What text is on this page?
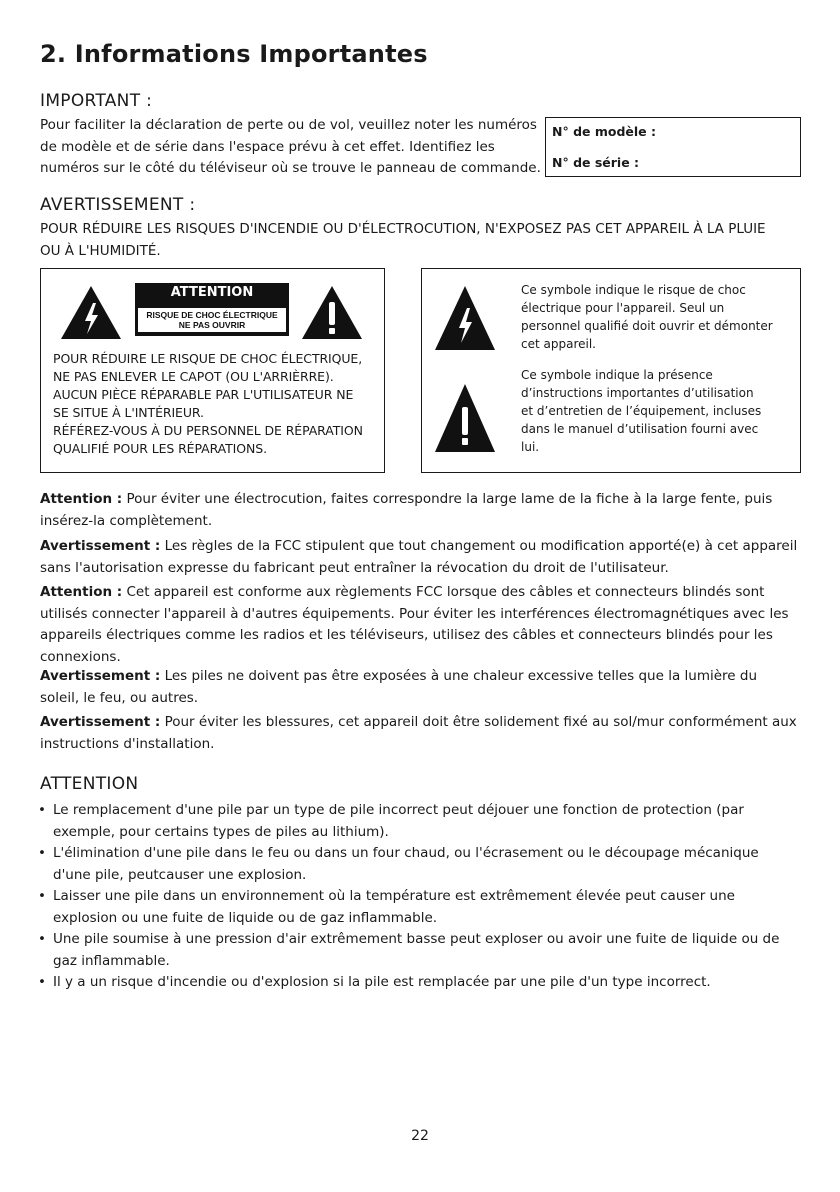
2. Informations Importantes
IMPORTANT :
Pour faciliter la déclaration de perte ou de vol, veuillez noter les numéros
de modèle et de série dans l'espace prévu à cet effet. Identifiez les
numéros sur le côté du téléviseur où se trouve le panneau de commande.
N° de modèle :
N° de série :
AVERTISSEMENT :
POUR RÉDUIRE LES RISQUES D'INCENDIE OU D'ÉLECTROCUTION, N'EXPOSEZ PAS CET APPAREIL À LA PLUIE
OU À L'HUMIDITÉ.
ATTENTION
RISQUE DE CHOC ÉLECTRIQUE
NE PAS OUVRIR
POUR RÉDUIRE LE RISQUE DE CHOC ÉLECTRIQUE,
NE PAS ENLEVER LE CAPOT (OU L'ARRIÈRRE).
AUCUN PIÈCE RÉPARABLE PAR L'UTILISATEUR NE
SE SITUE À L'INTÉRIEUR.
RÉFÉREZ-VOUS À DU PERSONNEL DE RÉPARATION
QUALIFIÉ POUR LES RÉPARATIONS.
Ce symbole indique le risque de choc
électrique pour l'appareil. Seul un
personnel qualifié doit ouvrir et démonter
cet appareil.
Ce symbole indique la présence
d’instructions importantes d’utilisation
et d’entretien de l’équipement, incluses
dans le manuel d’utilisation fourni avec
lui.
Attention : Pour éviter une électrocution, faites correspondre la large lame de la fiche à la large fente, puis insérez-la complètement.
Avertissement : Les règles de la FCC stipulent que tout changement ou modification apporté(e) à cet appareil sans l'autorisation expresse du fabricant peut entraîner la révocation du droit de l'utilisateur.
Attention : Cet appareil est conforme aux règlements FCC lorsque des câbles et connecteurs blindés sont utilisés connecter l'appareil à d'autres équipements. Pour éviter les interférences électromagnétiques avec les appareils électriques comme les radios et les téléviseurs, utilisez des câbles et connecteurs blindés pour les connexions.
Avertissement : Les piles ne doivent pas être exposées à une chaleur excessive telles que la lumière du soleil, le feu, ou autres.
Avertissement : Pour éviter les blessures, cet appareil doit être solidement fixé au sol/mur conformément aux instructions d'installation.
ATTENTION
• Le remplacement d'une pile par un type de pile incorrect peut déjouer une fonction de protection (par exemple, pour certains types de piles au lithium).
• L'élimination d'une pile dans le feu ou dans un four chaud, ou l'écrasement ou le découpage mécanique d'une pile, peutcauser une explosion.
• Laisser une pile dans un environnement où la température est extrêmement élevée peut causer une explosion ou une fuite de liquide ou de gaz inflammable.
• Une pile soumise à une pression d'air extrêmement basse peut exploser ou avoir une fuite de liquide ou de gaz inflammable.
• Il y a un risque d'incendie ou d'explosion si la pile est remplacée par une pile d'un type incorrect.
22
